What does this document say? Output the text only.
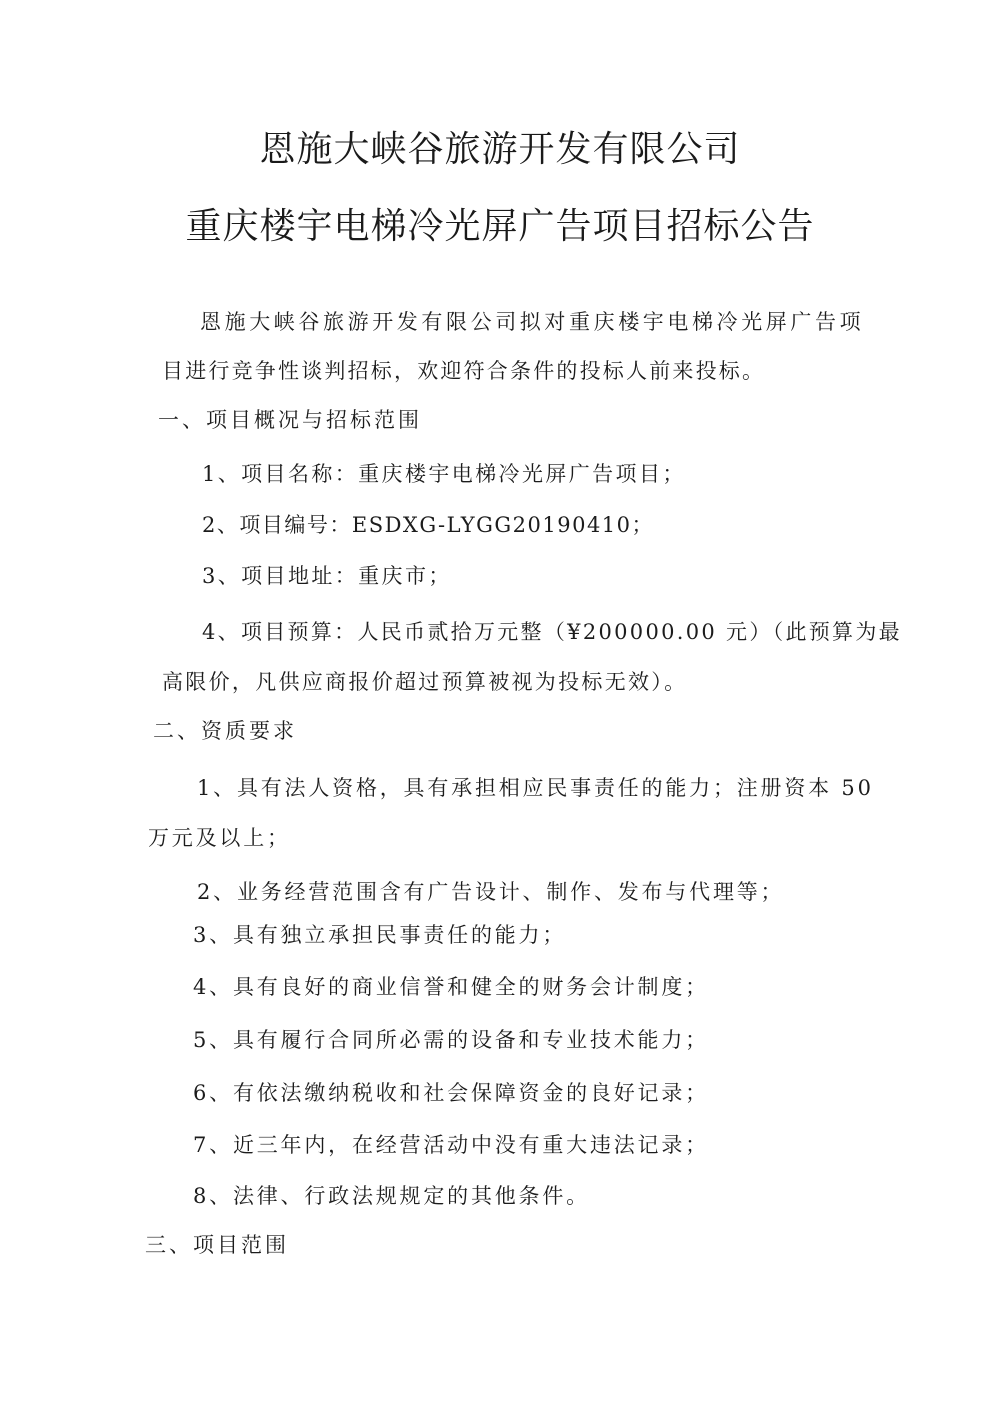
恩施大峡谷旅游开发有限公司
重庆楼宇电梯冷光屏广告项目招标公告
恩施大峡谷旅游开发有限公司拟对重庆楼宇电梯冷光屏广告项
目进行竞争性谈判招标，欢迎符合条件的投标人前来投标。
一、项目概况与招标范围
1、项目名称：重庆楼宇电梯冷光屏广告项目；
2、项目编号：ESDXG-LYGG20190410；
3、项目地址：重庆市；
4、项目预算：人民币贰拾万元整（¥200000.00 元）（此预算为最
高限价，凡供应商报价超过预算被视为投标无效）。
二、资质要求
1、具有法人资格，具有承担相应民事责任的能力；注册资本 50
万元及以上；
2、业务经营范围含有广告设计、制作、发布与代理等；
3、具有独立承担民事责任的能力；
4、具有良好的商业信誉和健全的财务会计制度；
5、具有履行合同所必需的设备和专业技术能力；
6、有依法缴纳税收和社会保障资金的良好记录；
7、近三年内，在经营活动中没有重大违法记录；
8、法律、行政法规规定的其他条件。
三、项目范围
